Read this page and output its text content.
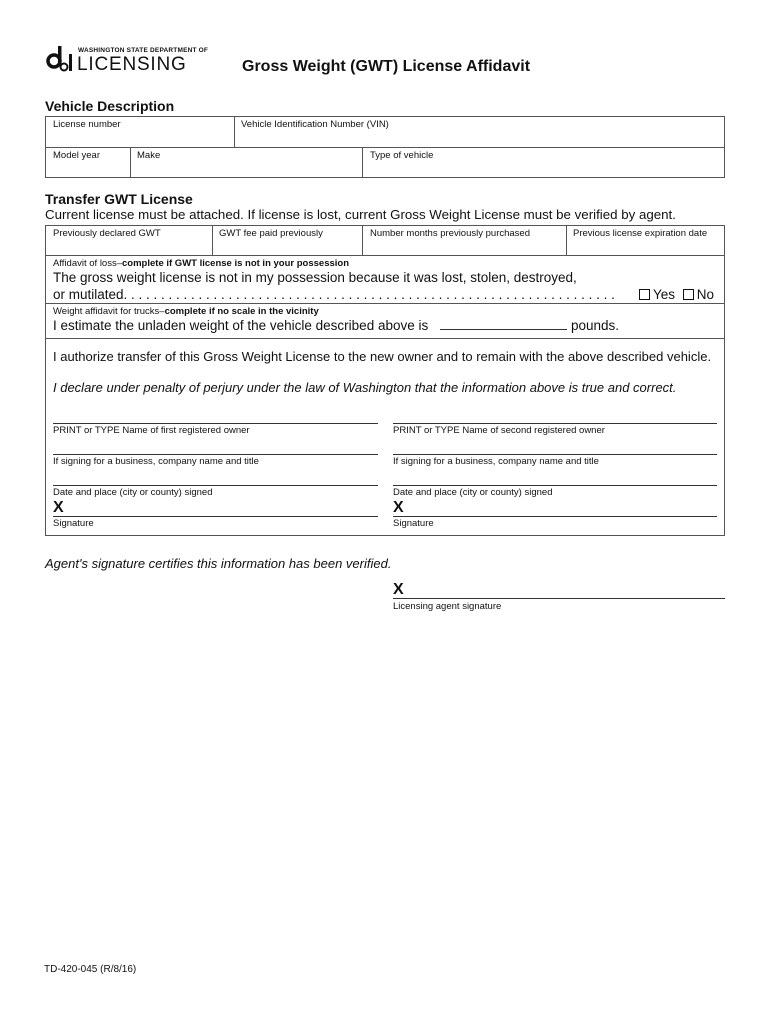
WASHINGTON STATE DEPARTMENT OF
LICENSING	Gross Weight (GWT) License Affidavit
Vehicle Description
License number	Vehicle Identification Number (VIN)
Model year	Make	Type of vehicle
Transfer GWT License
Current license must be attached. If license is lost, current Gross Weight License must be verified by agent.
Previously declared GWT	GWT fee paid previously	Number months previously purchased	Previous license expiration date
Affidavit of loss–complete if GWT license is not in your possession
The gross weight license is not in my possession because it was lost, stolen, destroyed,
or mutilated. . . . . . . . . . . . . . . . . . . . . . . . . . . . . . . . . . . . . . . . . . . . . . . . . . . . . . . . . . . . . . . . . .	Yes No
Weight affidavit for trucks–complete if no scale in the vicinity
I estimate the unladen weight of the vehicle described above is	pounds.
I authorize transfer of this Gross Weight License to the new owner and to remain with the above described vehicle.
I declare under penalty of perjury under the law of Washington that the information above is true and correct.
PRINT or TYPE Name of first registered owner	PRINT or TYPE Name of second registered owner
If signing for a business, company name and title	If signing for a business, company name and title
Date and place (city or county) signed	Date and place (city or county) signed
X
Signature
X
Signature
Agent's signature certifies this information has been verified.
X
Licensing agent signature
TD-420-045 (R/8/16)
